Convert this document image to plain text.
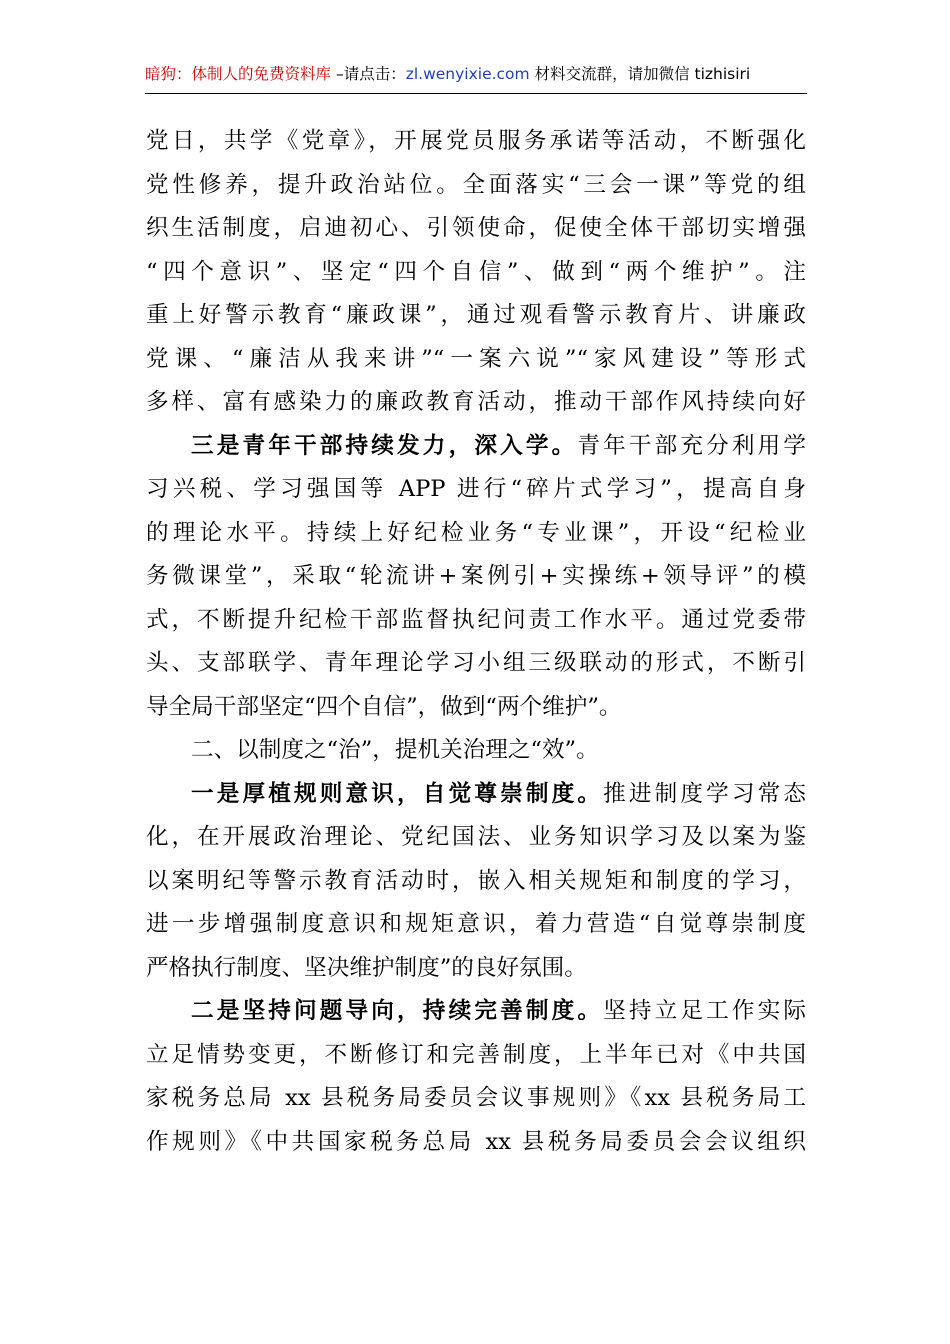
暗狗：体制人的免费资料库 –请点击：zl.wenyixie.com 材料交流群，请加微信 tizhisiri
党日，共学《党章》，开展党员服务承诺等活动，不断强化
党性修养，提升政治站位。全面落实“三会一课”等党的组
织生活制度，启迪初心、引领使命，促使全体干部切实增强
“四个意识”、坚定“四个自信”、做到“两个维护”。注
重上好警示教育“廉政课”，通过观看警示教育片、讲廉政
党课、“廉洁从我来讲”“一案六说”“家风建设”等形式
多样、富有感染力的廉政教育活动，推动干部作风持续向好
三是青年干部持续发力，深入学。青年干部充分利用学
习兴税、学习强国等 APP 进行“碎片式学习”，提高自身
的理论水平。持续上好纪检业务“专业课”，开设“纪检业
务微课堂”，采取“轮流讲+案例引+实操练+领导评”的模
式，不断提升纪检干部监督执纪问责工作水平。通过党委带
头、支部联学、青年理论学习小组三级联动的形式，不断引
导全局干部坚定“四个自信”，做到“两个维护”。
二、以制度之“治”，提机关治理之“效”。
一是厚植规则意识，自觉尊崇制度。推进制度学习常态
化，在开展政治理论、党纪国法、业务知识学习及以案为鉴
以案明纪等警示教育活动时，嵌入相关规矩和制度的学习，
进一步增强制度意识和规矩意识，着力营造“自觉尊崇制度
严格执行制度、坚决维护制度”的良好氛围。
二是坚持问题导向，持续完善制度。坚持立足工作实际
立足情势变更，不断修订和完善制度，上半年已对《中共国
家税务总局 xx 县税务局委员会议事规则》《xx 县税务局工
作规则》《中共国家税务总局 xx 县税务局委员会会议组织
